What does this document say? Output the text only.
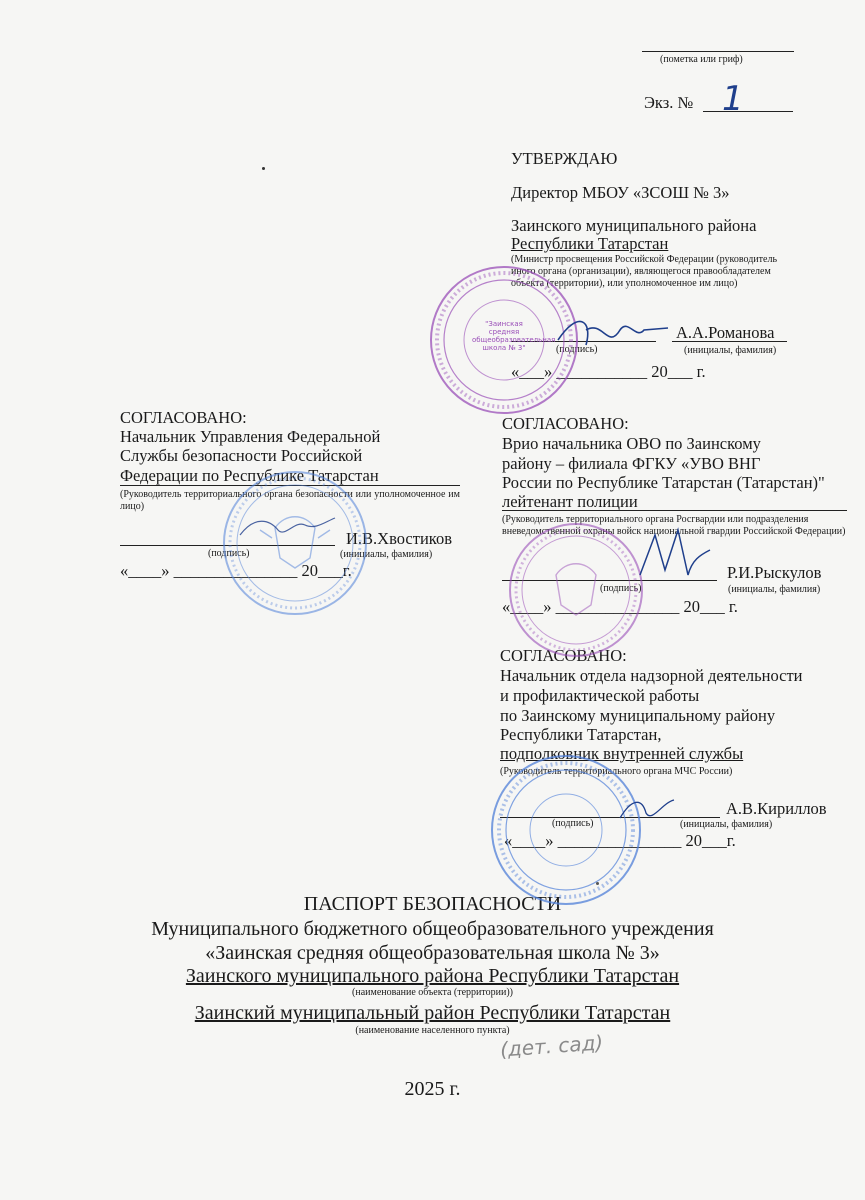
(пометка или гриф)
Экз. № 1
УТВЕРЖДАЮ
Директор МБОУ «ЗСОШ № 3»
Заинского муниципального района
Республики Татарстан
(Министр просвещения Российской Федерации (руководитель иного органа (организации), являющегося правообладателем объекта (территории), или уполномоченное им лицо)
А.А.Романова
(подпись)	(инициалы, фамилия)
«___» ___________ 20___ г.
СОГЛАСОВАНО:
Начальник Управления Федеральной
Службы безопасности Российской
Федерации по Республике Татарстан
(Руководитель территориального органа безопасности или уполномоченное им лицо)
И.В.Хвостиков
(подпись)	(инициалы, фамилия)
«____» _______________ 20___г.
СОГЛАСОВАНО:
Врио начальника ОВО по Заинскому
району – филиала ФГКУ «УВО ВНГ
России по Республике Татарстан (Татарстан)"
лейтенант полиции
(Руководитель территориального органа Росгвардии или подразделения вневедомственной охраны войск национальной гвардии Российской Федерации)
Р.И.Рыскулов
(подпись)	(инициалы, фамилия)
«____» _______________ 20___ г.
СОГЛАСОВАНО:
Начальник отдела надзорной деятельности
и профилактической работы
по Заинскому муниципальному району
Республики Татарстан,
подполковник внутренней службы
(Руководитель территориального органа МЧС России)
А.В.Кириллов
(подпись)	(инициалы, фамилия)
«____» _______________ 20___г.
ПАСПОРТ БЕЗОПАСНОСТИ
Муниципального бюджетного общеобразовательного учреждения
«Заинская средняя общеобразовательная школа № 3»
Заинского муниципального района Республики Татарстан
(наименование объекта (территории))
Заинский муниципальный район Республики Татарстан
(наименование населенного пункта)
(дет. сад)
2025 г.
"Заинская средняя общеобразовательная школа № 3"
